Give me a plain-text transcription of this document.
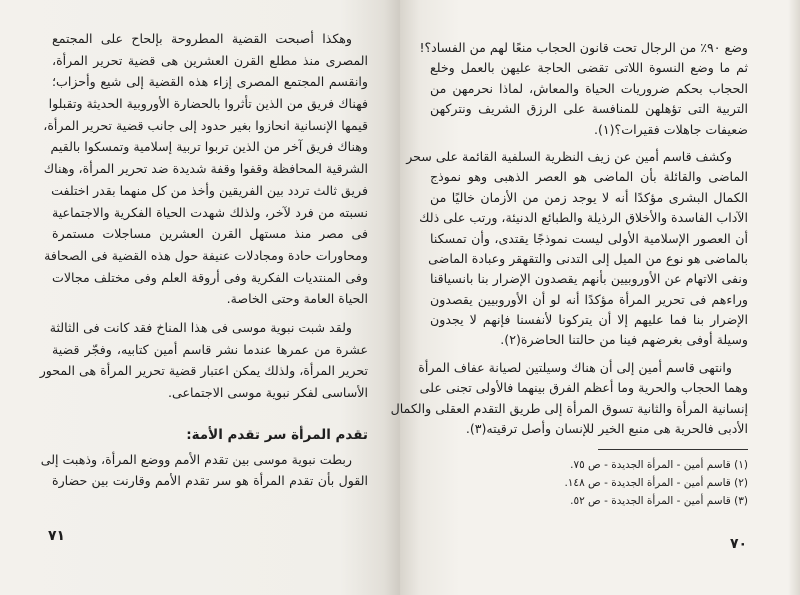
وهكذا أصبحت القضية المطروحة بإلحاح على المجتمع
المصرى منذ مطلع القرن العشرين هى قضية تحرير المرأة،
وانقسم المجتمع المصرى إزاء هذه القضية إلى شيع وأحزاب؛
فهناك فريق من الذين تأثروا بالحضارة الأوروبية الحديثة وتقبلوا
قيمها الإنسانية انحازوا بغير حدود إلى جانب قضية تحرير المرأة،
وهناك فريق آخر من الذين تربوا تربية إسلامية وتمسكوا بالقيم
الشرقية المحافظة وقفوا وقفة شديدة ضد تحرير المرأة، وهناك
فريق ثالث تردد بين الفريقين وأخذ من كل منهما بقدر اختلفت
نسبته من فرد لآخر، ولذلك شهدت الحياة الفكرية والاجتماعية
فى مصر منذ مستهل القرن العشرين مساجلات مستمرة
ومحاورات حادة ومجادلات عنيفة حول هذه القضية فى الصحافة
وفى المنتديات الفكرية وفى أروقة العلم وفى مختلف مجالات
الحياة العامة وحتى الخاصة.
ولقد شبت نبوية موسى فى هذا المناخ فقد كانت فى الثالثة
عشرة من عمرها عندما نشر قاسم أمين كتابيه، وفجّر قضية
تحرير المرأة، ولذلك يمكن اعتبار قضية تحرير المرأة هى المحور
الأساسى لفكر نبوية موسى الاجتماعى.
تقدم المرأة سر تقدم الأمة:
ربطت نبوية موسى بين تقدم الأمم ووضع المرأة، وذهبت إلى
القول بأن تقدم المرأة هو سر تقدم الأمم وقارنت بين حضارة
٧١
وضع ٩٠٪ من الرجال تحت قانون الحجاب منعًا لهم من الفساد؟!
ثم ما وضع النسوة اللاتى تقضى الحاجة عليهن بالعمل وخلع
الحجاب بحكم ضروريات الحياة والمعاش، لماذا نحرمهن من
التربية التى تؤهلهن للمنافسة على الرزق الشريف ونتركهن
ضعيفات جاهلات فقيرات؟(١).
وكشف قاسم أمين عن زيف النظرية السلفية القائمة على سحر
الماضى والقائلة بأن الماضى هو العصر الذهبى وهو نموذج
الكمال البشرى مؤكدًا أنه لا يوجد زمن من الأزمان خاليًا من
الآداب الفاسدة والأخلاق الرذيلة والطبائع الدنيئة، ورتب على ذلك
أن العصور الإسلامية الأولى ليست نموذجًا يقتدى، وأن تمسكنا
بالماضى هو نوع من الميل إلى التدنى والتقهقر وعبادة الماضى
ونفى الاتهام عن الأوروبيين بأنهم يقصدون الإضرار بنا بانسياقنا
وراءهم فى تحرير المرأة مؤكدًا أنه لو أن الأوروبيين يقصدون
الإضرار بنا فما عليهم إلا أن يتركونا لأنفسنا فإنهم لا يجدون
وسيلة أوفى بغرضهم فينا من حالتنا الحاضرة(٢).
وانتهى قاسم أمين إلى أن هناك وسيلتين لصيانة عفاف المرأة
وهما الحجاب والحرية وما أعظم الفرق بينهما فالأولى تجنى على
إنسانية المرأة والثانية تسوق المرأة إلى طريق التقدم العقلى والكمال
الأدبى فالحرية هى منبع الخير للإنسان وأصل ترقيته(٣).
(١) قاسم أمين - المرأة الجديدة - ص ٧٥.
(٢) قاسم أمين - المرأة الجديدة - ص ١٤٨.
(٣) قاسم أمين - المرأة الجديدة - ص ٥٢.
٧٠
